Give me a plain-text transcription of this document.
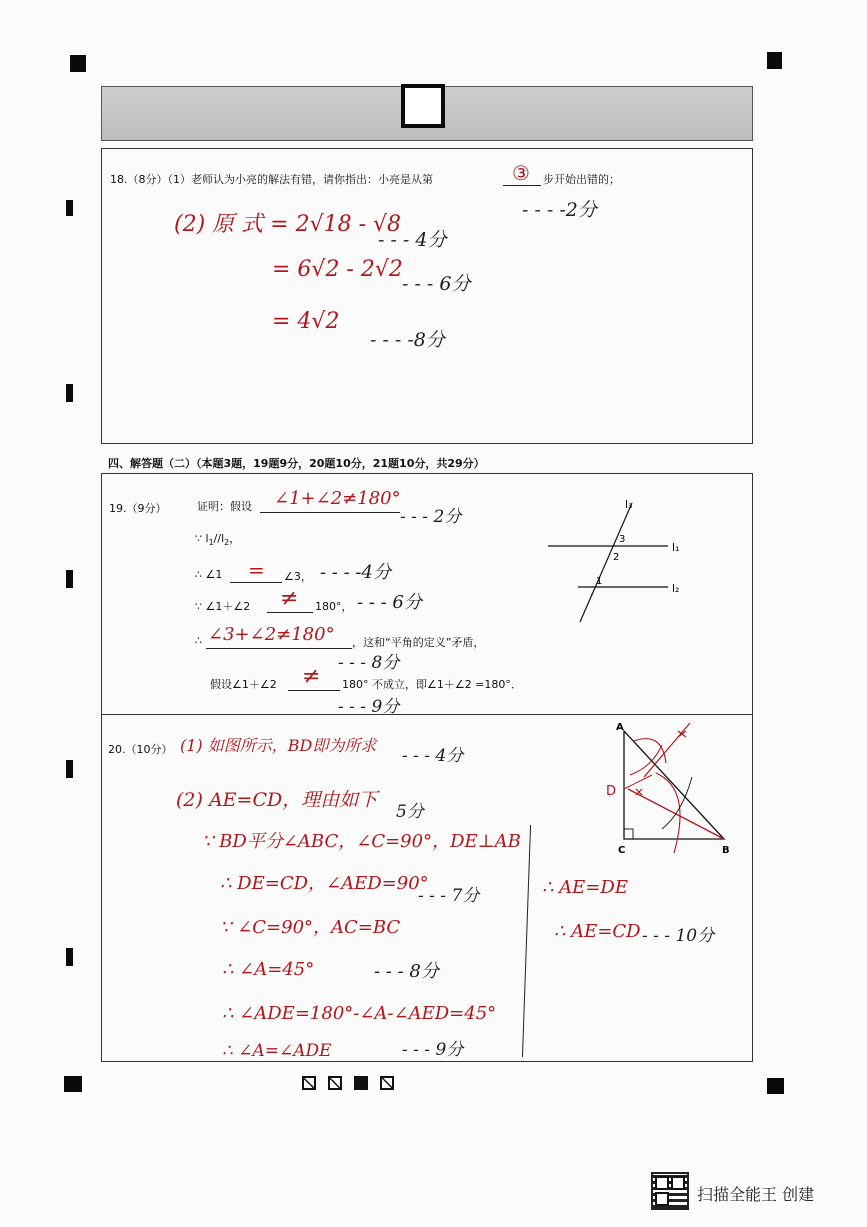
18.（8分）（1）老师认为小亮的解法有错，请你指出：小亮是从第	③ 步开始出错的；
- - - -2分
(2) 原 式 = 2√18 - √8
- - - 4分
= 6√2 - 2√2
- - - 6分
= 4√2
- - - -8分
四、解答题（二）（本题3题，19题9分，20题10分，21题10分，共29分）
19.（9分）	证明：假设 ∠1+∠2≠180°
- - - 2分
∵ $l_1//l_2$，
∴ ∠1 = ∠3， - - - -4分
∵ ∠1＋∠2 ≠ 180°， - - - 6分
∴ ∠3+∠2≠180° ，这和“平角的定义”矛盾，
- - - 8分
假设∠1＋∠2 ≠ 180° 不成立，即∠1＋∠2 =180°．
- - - 9分
l₃
l₁
l₂
3
2
1
20.（10分） (1) 如图所示，BD即为所求
- - - 4分
(2) AE=CD，理由如下
5分
∵ BD平分∠ABC，∠C=90°，DE⊥AB
∴ DE=CD，∠AED=90°
- - - 7分
∵ ∠C=90°，AC=BC
∴ ∠A=45°	- - - 8分
∴ ∠ADE=180°-∠A-∠AED=45°
∴ ∠A=∠ADE	- - - 9分
∴ AE=DE
∴ AE=CD - - - 10分
A
D
C	B
扫描全能王 创建
